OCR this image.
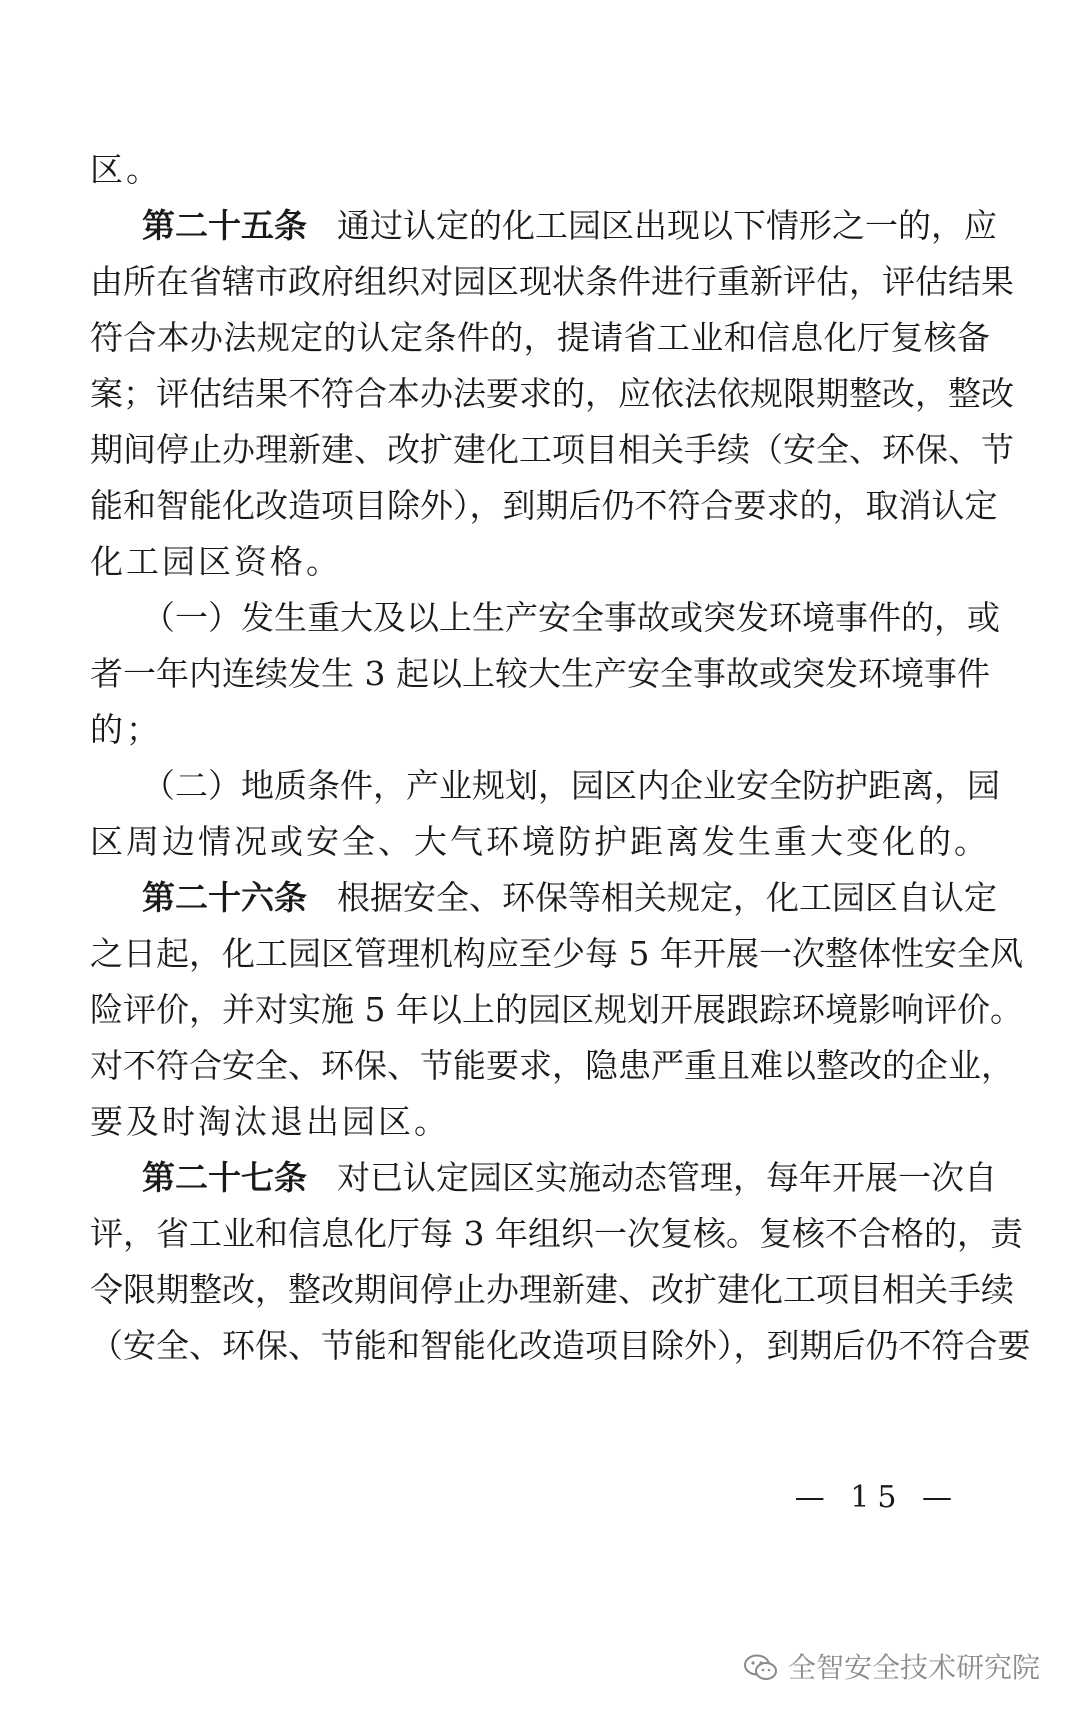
区。
第二十五条 通过认定的化工园区出现以下情形之一的，应
由所在省辖市政府组织对园区现状条件进行重新评估，评估结果
符合本办法规定的认定条件的，提请省工业和信息化厅复核备
案；评估结果不符合本办法要求的，应依法依规限期整改，整改
期间停止办理新建、改扩建化工项目相关手续（安全、环保、节
能和智能化改造项目除外），到期后仍不符合要求的，取消认定
化工园区资格。
（一）发生重大及以上生产安全事故或突发环境事件的，或
者一年内连续发生 3 起以上较大生产安全事故或突发环境事件
的；
（二）地质条件，产业规划，园区内企业安全防护距离，园
区周边情况或安全、大气环境防护距离发生重大变化的。
第二十六条 根据安全、环保等相关规定，化工园区自认定
之日起，化工园区管理机构应至少每 5 年开展一次整体性安全风
险评价，并对实施 5 年以上的园区规划开展跟踪环境影响评价。
对不符合安全、环保、节能要求，隐患严重且难以整改的企业，
要及时淘汰退出园区。
第二十七条 对已认定园区实施动态管理，每年开展一次自
评，省工业和信息化厅每 3 年组织一次复核。复核不合格的，责
令限期整改，整改期间停止办理新建、改扩建化工项目相关手续
（安全、环保、节能和智能化改造项目除外），到期后仍不符合要
— 15 —
全智安全技术研究院
